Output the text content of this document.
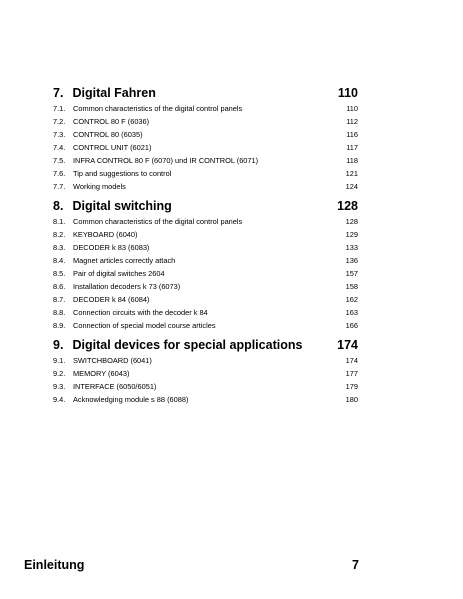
7. Digital Fahren	110
7.1. Common characteristics of the digital control panels	110
7.2. CONTROL 80 F (6036)	112
7.3. CONTROL 80 (6035)	116
7.4. CONTROL UNIT (6021)	117
7.5. INFRA CONTROL 80 F (6070) und IR CONTROL (6071)	118
7.6. Tip and suggestions to control	121
7.7. Working models	124
8. Digital switching	128
8.1. Common characteristics of the digital control panels	128
8.2. KEYBOARD (6040)	129
8.3. DECODER k 83 (6083)	133
8.4. Magnet articles correctly attach	136
8.5. Pair of digital switches 2604	157
8.6. Installation decoders k 73 (6073)	158
8.7. DECODER k 84 (6084)	162
8.8. Connection circuits with the decoder k 84	163
8.9. Connection of special model course articles	166
9. Digital devices for special applications	174
9.1. SWITCHBOARD (6041)	174
9.2. MEMORY (6043)	177
9.3. INTERFACE (6050/6051)	179
9.4. Acknowledging module s 88 (6088)	180
Einleitung	7
